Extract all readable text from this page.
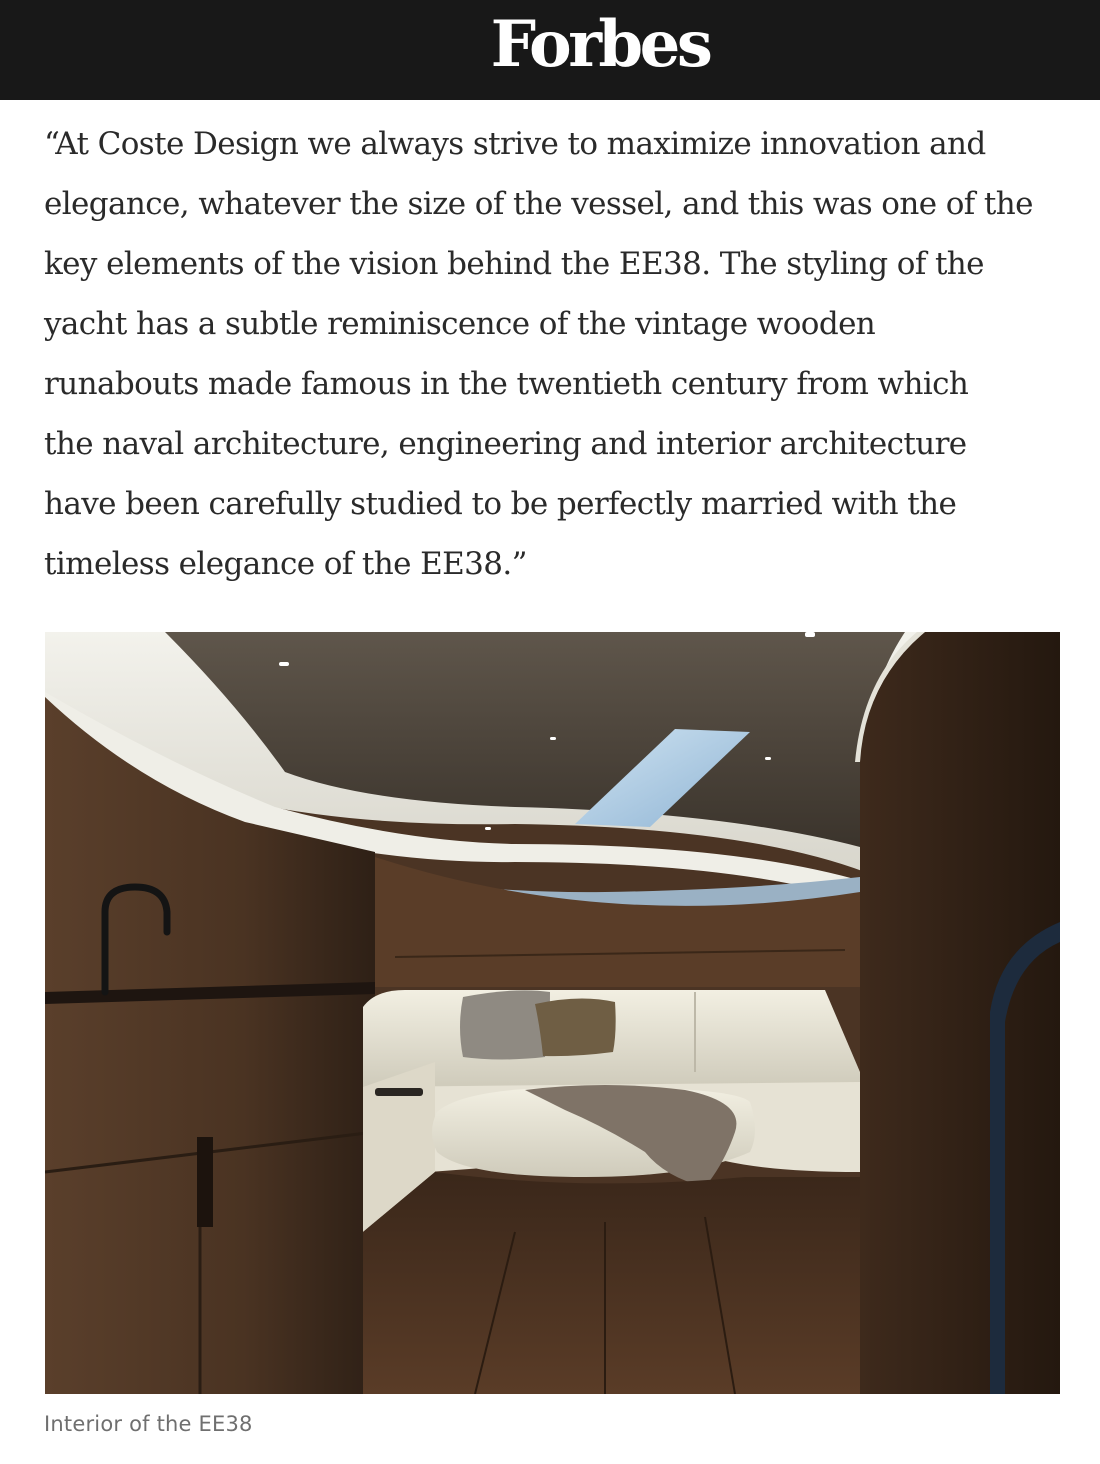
Forbes

“At Coste Design we always strive to maximize innovation and
elegance, whatever the size of the vessel, and this was one of the
key elements of the vision behind the EE38. The styling of the
yacht has a subtle reminiscence of the vintage wooden
runabouts made famous in the twentieth century from which
the naval architecture, engineering and interior architecture
have been carefully studied to be perfectly married with the
timeless elegance of the EE38.”

Interior of the EE38
